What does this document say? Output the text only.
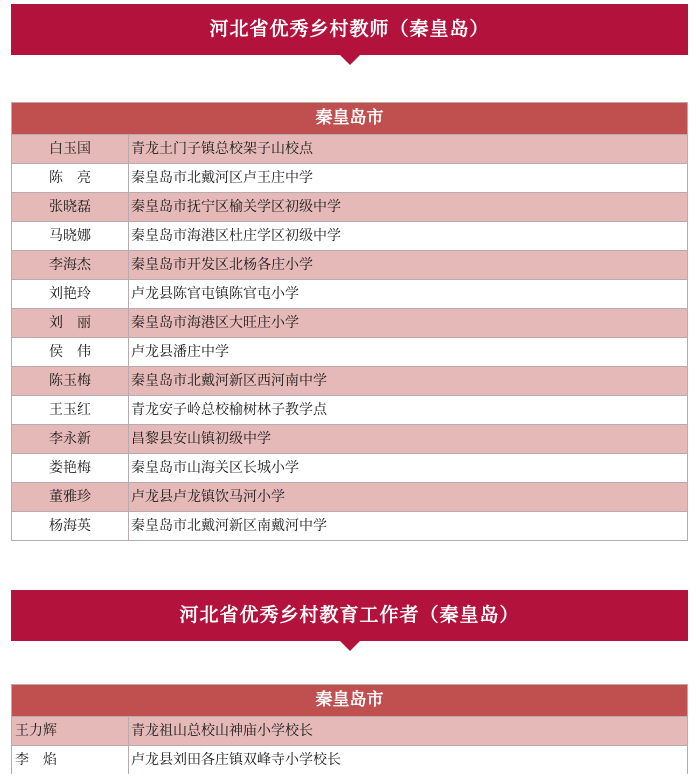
河北省优秀乡村教师（秦皇岛）
秦皇岛市
白玉国	青龙土门子镇总校架子山校点
陈　亮	秦皇岛市北戴河区卢王庄中学
张晓磊	秦皇岛市抚宁区榆关学区初级中学
马晓娜	秦皇岛市海港区杜庄学区初级中学
李海杰	秦皇岛市开发区北杨各庄小学
刘艳玲	卢龙县陈官屯镇陈官屯小学
刘　丽	秦皇岛市海港区大旺庄小学
侯　伟	卢龙县潘庄中学
陈玉梅	秦皇岛市北戴河新区西河南中学
王玉红	青龙安子岭总校榆树林子教学点
李永新	昌黎县安山镇初级中学
娄艳梅	秦皇岛市山海关区长城小学
董雅珍	卢龙县卢龙镇饮马河小学
杨海英	秦皇岛市北戴河新区南戴河中学
河北省优秀乡村教育工作者（秦皇岛）
秦皇岛市
王力辉	青龙祖山总校山神庙小学校长
李　焰	卢龙县刘田各庄镇双峰寺小学校长
